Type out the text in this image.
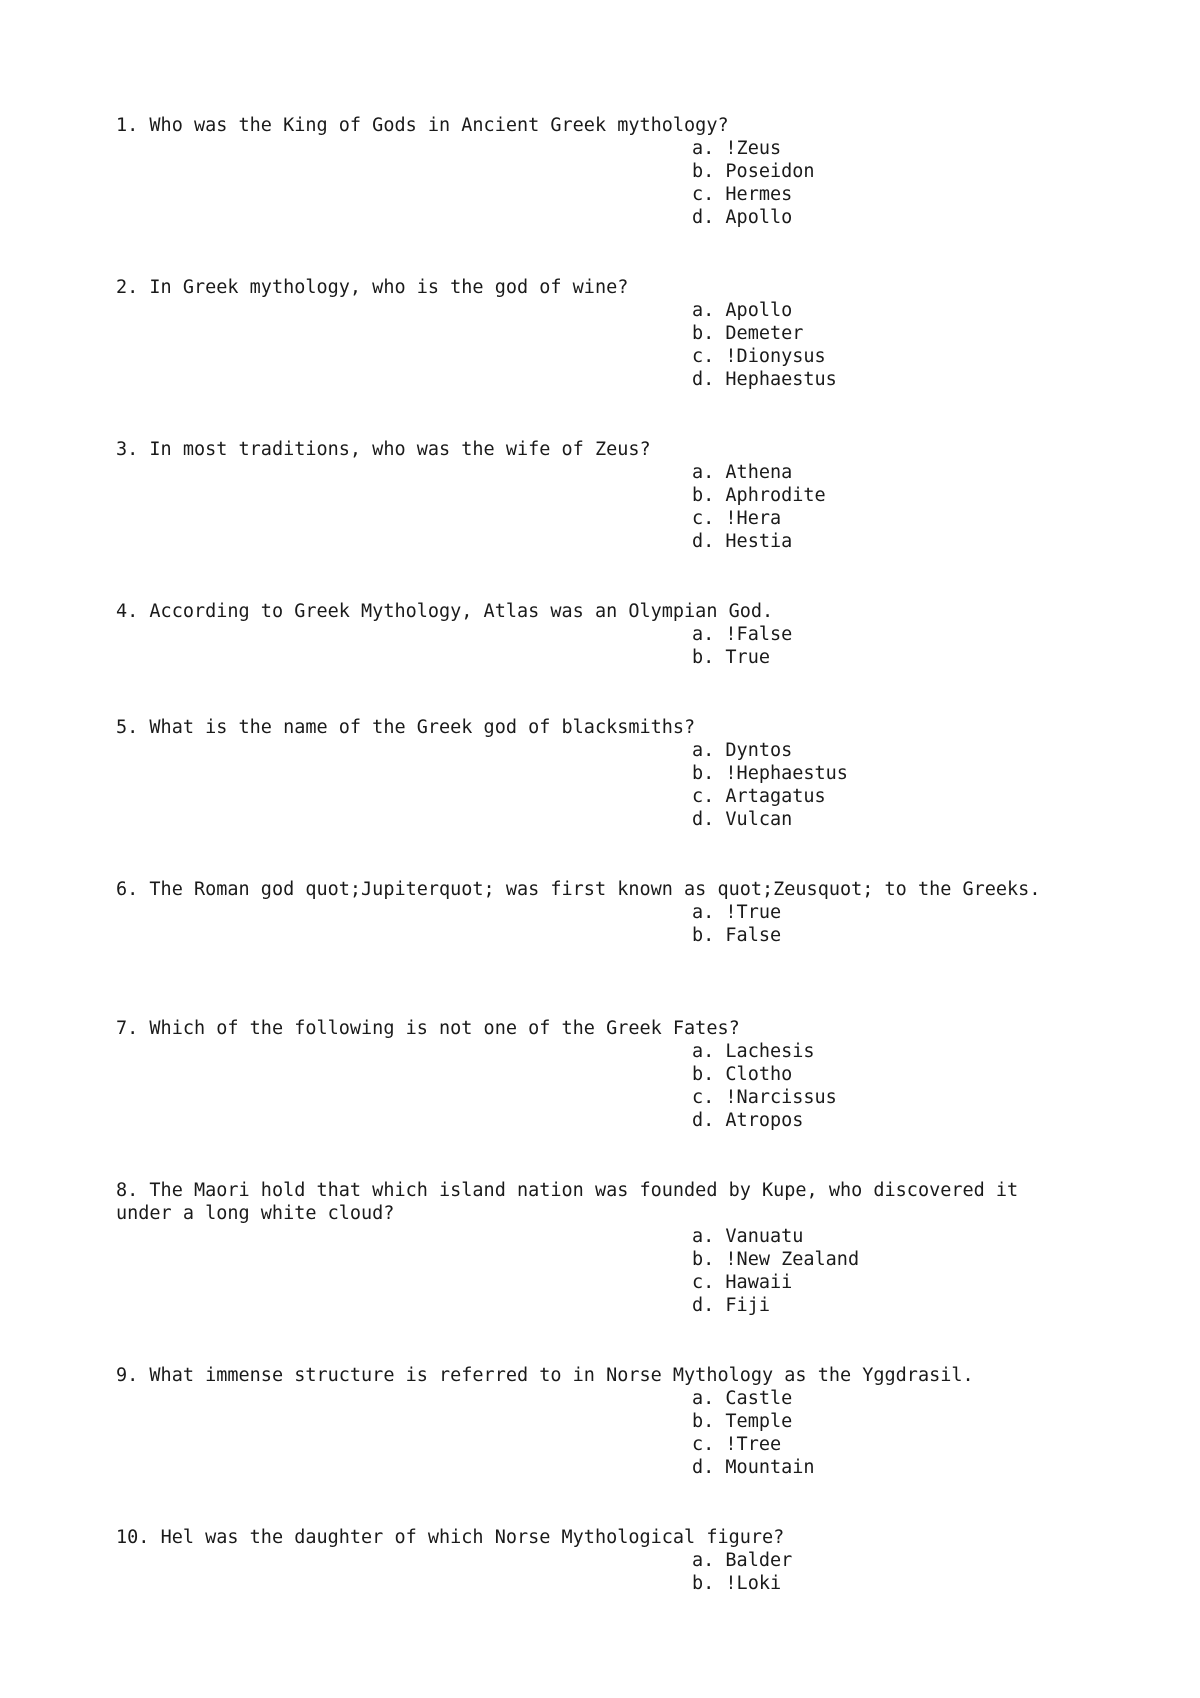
1. Who was the King of Gods in Ancient Greek mythology?
a. !Zeus
b. Poseidon
c. Hermes
d. Apollo
2. In Greek mythology, who is the god of wine?
a. Apollo
b. Demeter
c. !Dionysus
d. Hephaestus
3. In most traditions, who was the wife of Zeus?
a. Athena
b. Aphrodite
c. !Hera
d. Hestia
4. According to Greek Mythology, Atlas was an Olympian God.
a. !False
b. True
5. What is the name of the Greek god of blacksmiths?
a. Dyntos
b. !Hephaestus
c. Artagatus
d. Vulcan
6. The Roman god quot;Jupiterquot; was first known as quot;Zeusquot; to the Greeks.
a. !True
b. False
7. Which of the following is not one of the Greek Fates?
a. Lachesis
b. Clotho
c. !Narcissus
d. Atropos
8. The Maori hold that which island nation was founded by Kupe, who discovered it under a long white cloud?
a. Vanuatu
b. !New Zealand
c. Hawaii
d. Fiji
9. What immense structure is referred to in Norse Mythology as the Yggdrasil.
a. Castle
b. Temple
c. !Tree
d. Mountain
10. Hel was the daughter of which Norse Mythological figure?
a. Balder
b. !Loki
